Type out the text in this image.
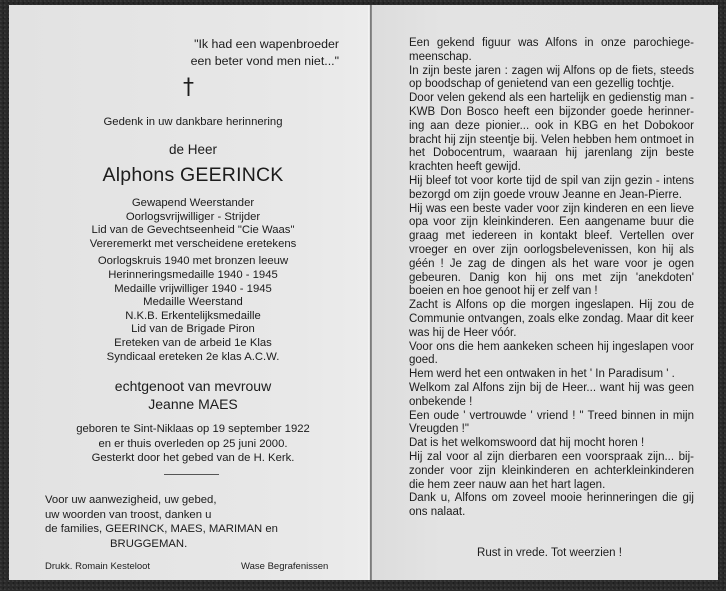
"Ik had een wapenbroeder
een beter vond men niet..."
†
Gedenk in uw dankbare herinnering
de Heer
Alphons GEERINCK
Gewapend Weerstander
Oorlogsvrijwilliger - Strijder
Lid van de Gevechtseenheid "Cie Waas"
Vereremerkt met verscheidene eretekens
Oorlogskruis 1940 met bronzen leeuw
Herinneringsmedaille 1940 - 1945
Medaille vrijwilliger 1940 - 1945
Medaille Weerstand
N.K.B. Erkentelijksmedaille
Lid van de Brigade Piron
Ereteken van de arbeid 1e Klas
Syndicaal ereteken 2e klas A.C.W.
echtgenoot van mevrouw
Jeanne MAES
geboren te Sint-Niklaas op 19 september 1922
en er thuis overleden op 25 juni 2000.
Gesterkt door het gebed van de H. Kerk.
Voor uw aanwezigheid, uw gebed,
uw woorden van troost, danken u
de families, GEERINCK, MAES, MARIMAN en
BRUGGEMAN.
Drukk. Romain Kesteloot	Wase Begrafenissen

Een gekend figuur was Alfons in onze parochiege-meenschap.

In zijn beste jaren : zagen wij Alfons op de fiets, steeds op boodschap of genietend van een gezellig tochtje.

Door velen gekend als een hartelijk en gedienstig man - KWB Don Bosco heeft een bijzonder goede herinner-ing aan deze pionier... ook in KBG en het Dobokoor bracht hij zijn steentje bij. Velen hebben hem ontmoet in het Dobocentrum, waaraan hij jarenlang zijn beste krachten heeft gewijd.

Hij bleef tot voor korte tijd de spil van zijn gezin - intens bezorgd om zijn goede vrouw Jeanne en Jean-Pierre.

Hij was een beste vader voor zijn kinderen en een lieve opa voor zijn kleinkinderen. Een aangename buur die graag met iedereen in kontakt bleef. Vertellen over vroeger en over zijn oorlogsbelevenissen, kon hij als géén ! Je zag de dingen als het ware voor je ogen gebeuren. Danig kon hij ons met zijn 'anekdoten' boeien en hoe genoot hij er zelf van !

Zacht is Alfons op die morgen ingeslapen. Hij zou de Communie ontvangen, zoals elke zondag. Maar dit keer was hij de Heer vóór.

Voor ons die hem aankeken scheen hij ingeslapen voor goed.

Hem werd het een ontwaken in het ' In Paradisum ' .

Welkom zal Alfons zijn bij de Heer... want hij was geen onbekende !

Een oude ' vertrouwde ' vriend ! " Treed binnen in mijn Vreugden !"

Dat is het welkomswoord dat hij mocht horen !

Hij zal voor al zijn dierbaren een voorspraak zijn... bij-zonder voor zijn kleinkinderen en achterkleinkinderen die hem zeer nauw aan het hart lagen.

Dank u, Alfons om zoveel mooie herinneringen die gij ons nalaat.

Rust in vrede. Tot weerzien !
